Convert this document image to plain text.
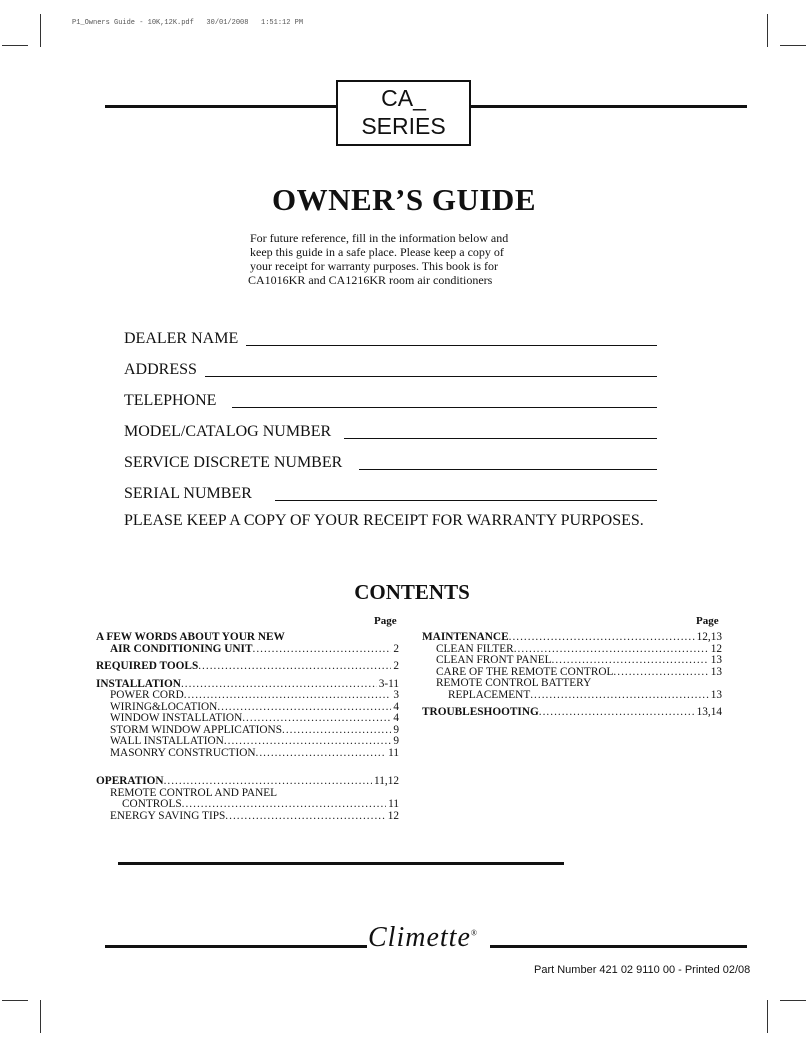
P1_Owners Guide - 10K,12K.pdf   30/01/2008   1:51:12 PM
CA_
SERIES
OWNER’S GUIDE
For future reference, fill in the information below and
keep this guide in a safe place. Please keep a copy of
your receipt for warranty purposes. This book is for
CA1016KR and CA1216KR room air conditioners
DEALER NAME
ADDRESS
TELEPHONE
MODEL/CATALOG NUMBER
SERVICE DISCRETE NUMBER
SERIAL NUMBER
PLEASE KEEP A COPY OF YOUR RECEIPT FOR WARRANTY PURPOSES.
CONTENTS
Page	Page
A FEW WORDS ABOUT YOUR NEW
AIR CONDITIONING UNIT .....	2
REQUIRED TOOLS .....	2
INSTALLATION .....	3-11
POWER CORD .....	3
WIRING&LOCATION .....	4
WINDOW INSTALLATION .....	4
STORM WINDOW APPLICATIONS .....	9
WALL INSTALLATION .....	9
MASONRY CONSTRUCTION .....	11
OPERATION .....	11,12
REMOTE CONTROL AND PANEL
CONTROLS .....	11
ENERGY SAVING TIPS .....	12
MAINTENANCE .....	12,13
CLEAN FILTER .....	12
CLEAN FRONT PANEL .....	13
CARE OF THE REMOTE CONTROL .....	13
REMOTE CONTROL BATTERY
REPLACEMENT .....	13
TROUBLESHOOTING .....	13,14
Climette®
Part Number 421 02 9110 00 - Printed 02/08
